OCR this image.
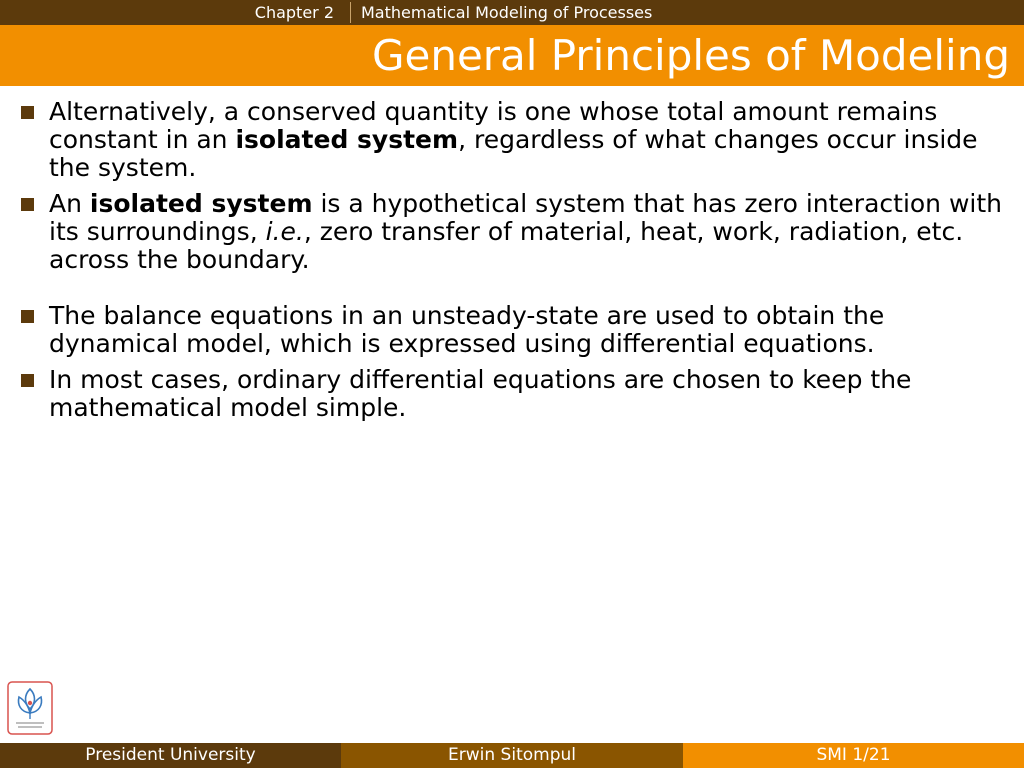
Chapter 2	Mathematical Modeling of Processes
General Principles of Modeling
Alternatively, a conserved quantity is one whose total amount remains constant in an isolated system, regardless of what changes occur inside the system.
An isolated system is a hypothetical system that has zero interaction with its surroundings, i.e., zero transfer of material, heat, work, radiation, etc. across the boundary.
The balance equations in an unsteady-state are used to obtain the dynamical model, which is expressed using differential equations.
In most cases, ordinary differential equations are chosen to keep the mathematical model simple.
President University	Erwin Sitompul	SMI 1/21
